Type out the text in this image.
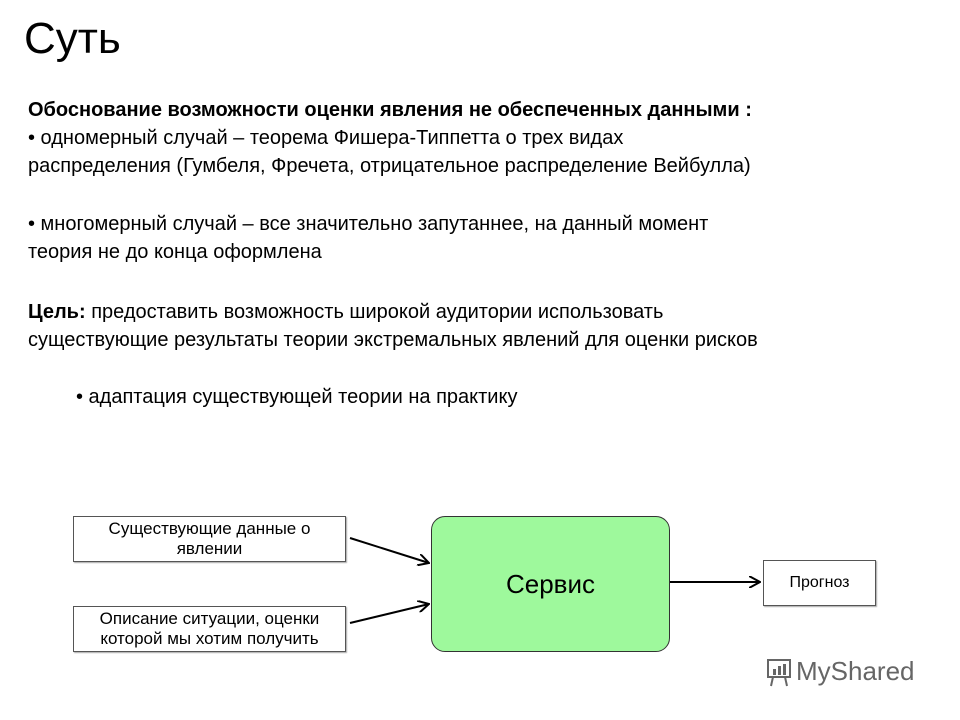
Суть
Обоснование возможности оценки явления не обеспеченных данными :
• одномерный случай – теорема Фишера-Типпетта о трех видах
распределения (Гумбеля, Фречета, отрицательное распределение Вейбулла)
• многомерный случай – все значительно запутаннее, на данный момент
теория не до конца оформлена
Цель: предоставить возможность широкой аудитории использовать
существующие результаты теории экстремальных явлений для оценки рисков
• адаптация существующей теории на практику
Существующие данные о явлении
Описание ситуации, оценки которой мы хотим получить
Сервис	Прогноз
MyShared
